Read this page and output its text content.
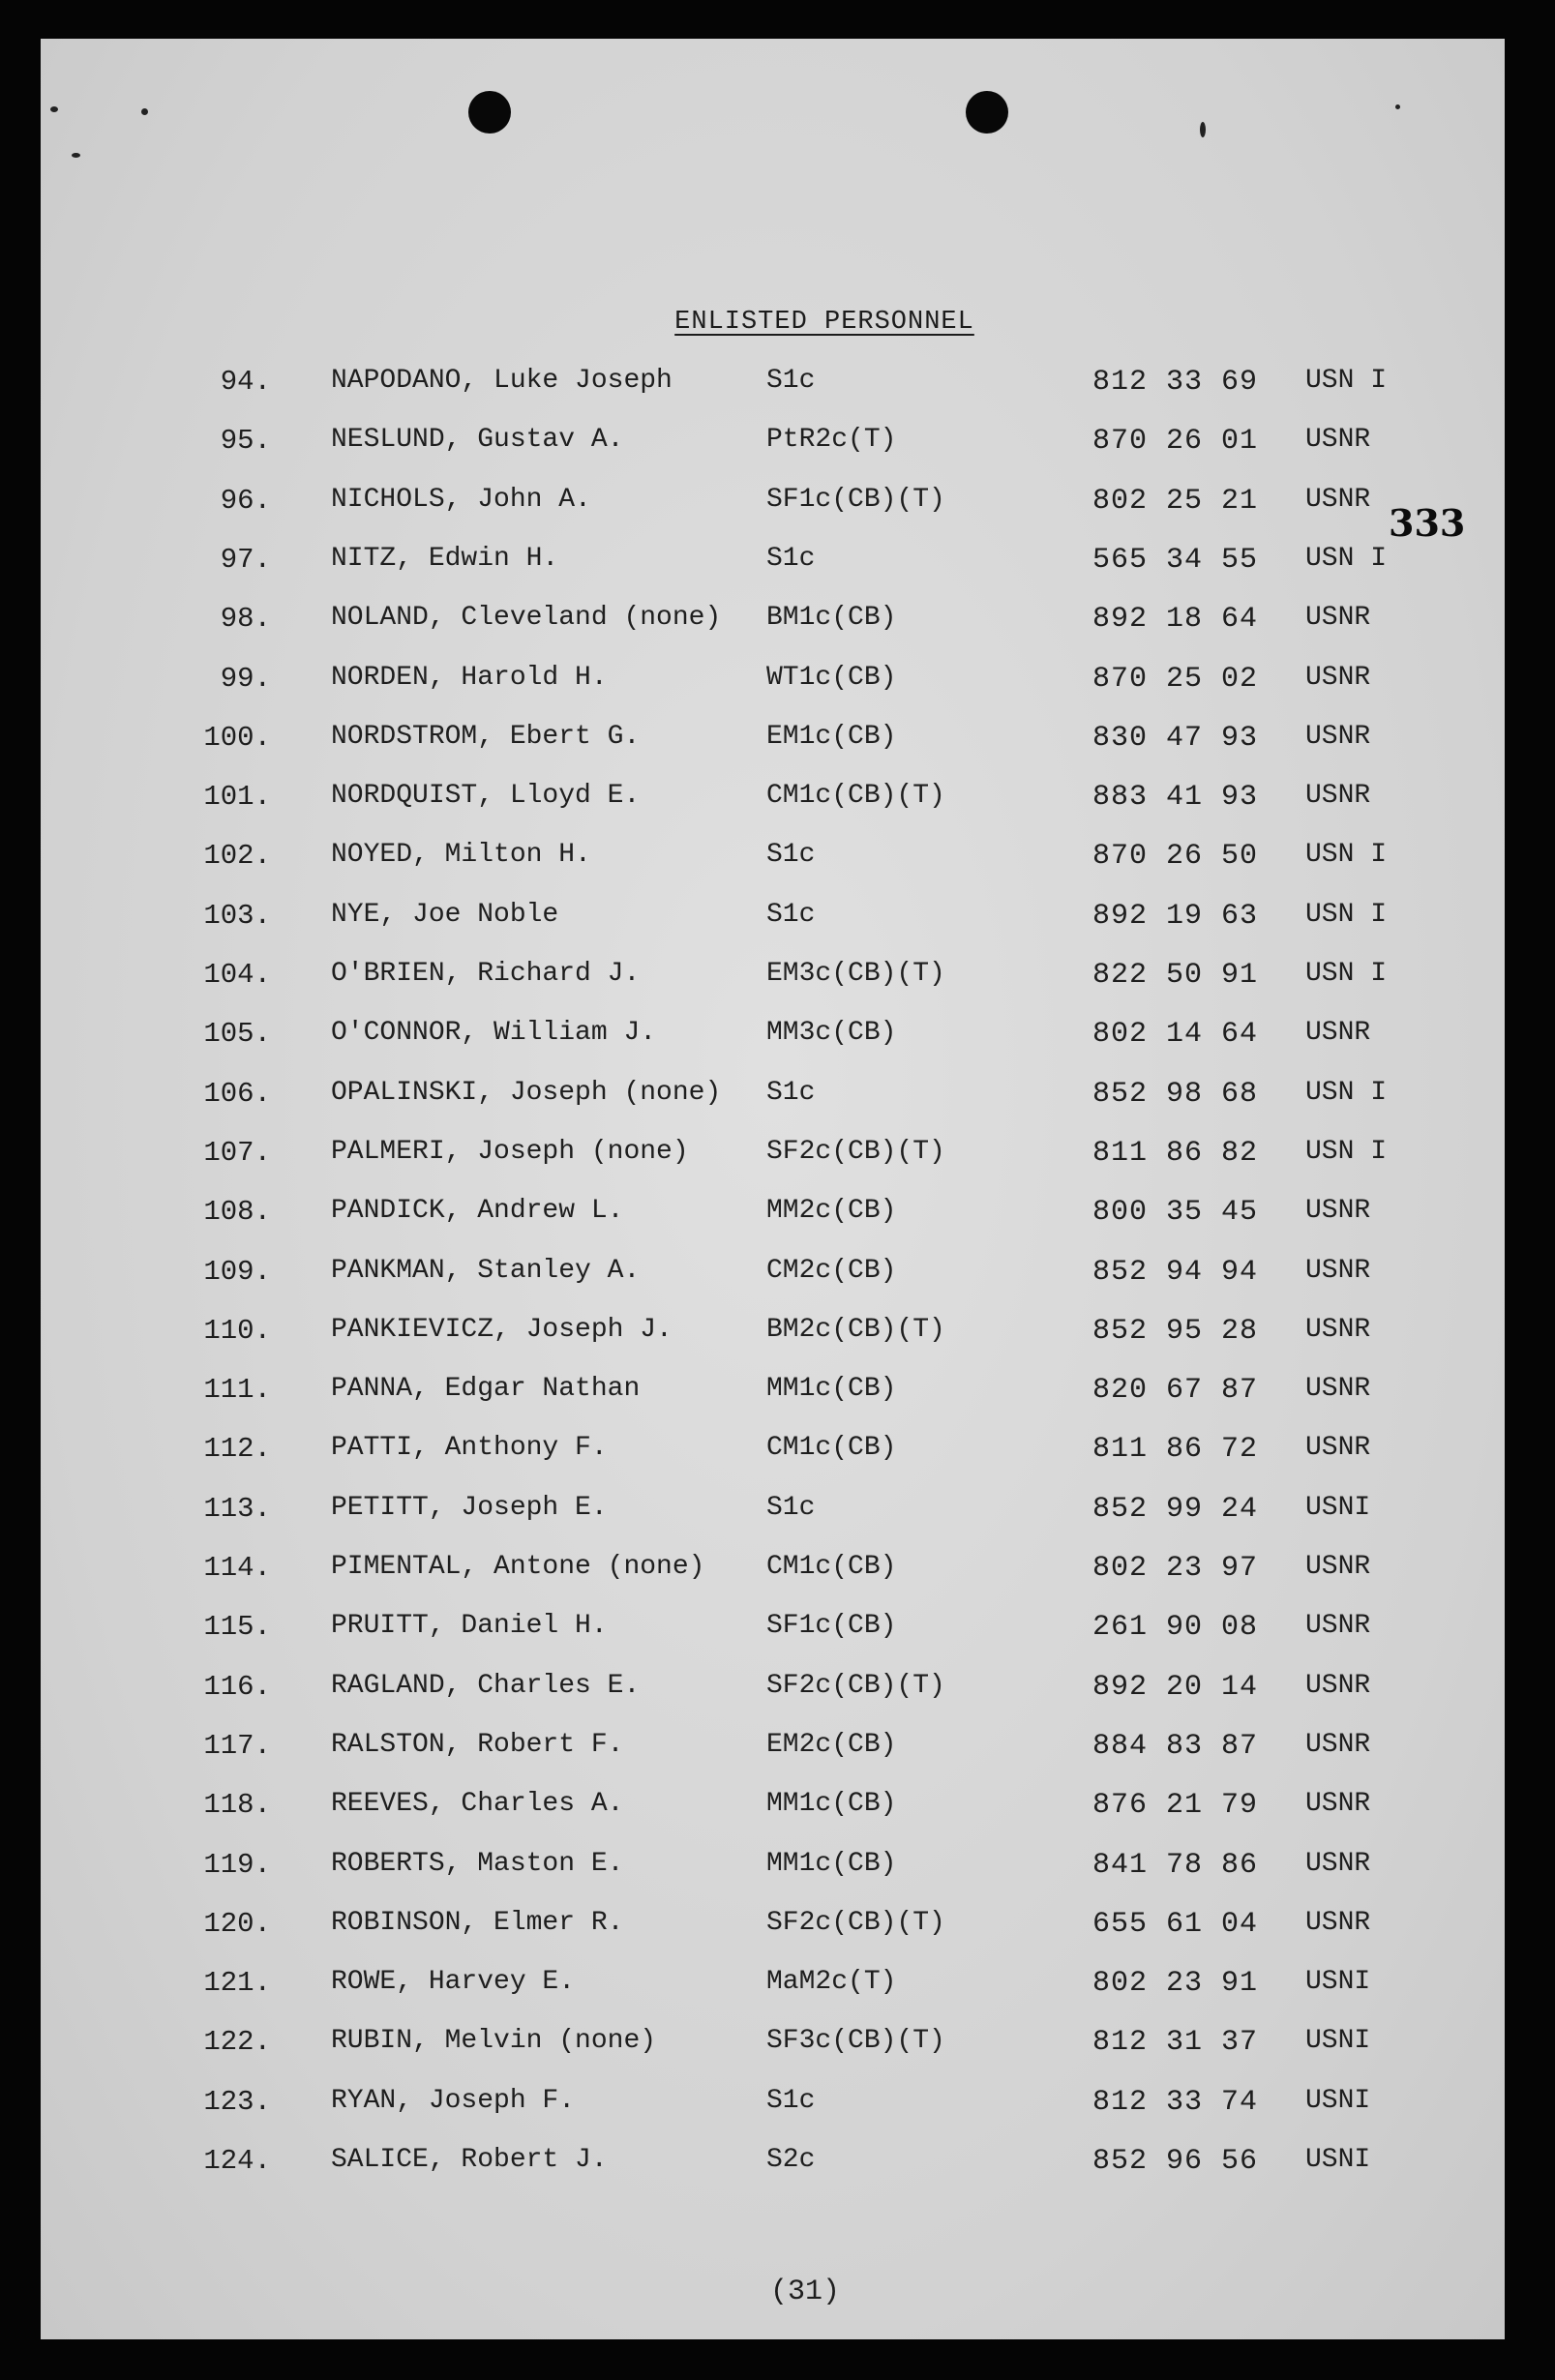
ENLISTED PERSONNEL
333
94. NAPODANO, Luke Joseph	S1c	812 33 69 USN I
95. NESLUND, Gustav A.	PtR2c(T)	870 26 01 USNR
96. NICHOLS, John A.	SF1c(CB)(T)	802 25 21 USNR
97. NITZ, Edwin H.	S1c	565 34 55 USN I
98. NOLAND, Cleveland (none) BM1c(CB)	892 18 64 USNR
99. NORDEN, Harold H.	WT1c(CB)	870 25 02 USNR
100. NORDSTROM, Ebert G.	EM1c(CB)	830 47 93 USNR
101. NORDQUIST, Lloyd E.	CM1c(CB)(T)	883 41 93 USNR
102. NOYED, Milton H.	S1c	870 26 50 USN I
103. NYE, Joe Noble	S1c	892 19 63 USN I
104. O'BRIEN, Richard J.	EM3c(CB)(T)	822 50 91 USN I
105. O'CONNOR, William J.	MM3c(CB)	802 14 64 USNR
106. OPALINSKI, Joseph (none) S1c	852 98 68 USN I
107. PALMERI, Joseph (none)	SF2c(CB)(T)	811 86 82 USN I
108. PANDICK, Andrew L.	MM2c(CB)	800 35 45 USNR
109. PANKMAN, Stanley A.	CM2c(CB)	852 94 94 USNR
110. PANKIEVICZ, Joseph J.	BM2c(CB)(T)	852 95 28 USNR
111. PANNA, Edgar Nathan	MM1c(CB)	820 67 87 USNR
112. PATTI, Anthony F.	CM1c(CB)	811 86 72 USNR
113. PETITT, Joseph E.	S1c	852 99 24 USNI
114. PIMENTAL, Antone (none) CM1c(CB)	802 23 97 USNR
115. PRUITT, Daniel H.	SF1c(CB)	261 90 08 USNR
116. RAGLAND, Charles E.	SF2c(CB)(T)	892 20 14 USNR
117. RALSTON, Robert F.	EM2c(CB)	884 83 87 USNR
118. REEVES, Charles A.	MM1c(CB)	876 21 79 USNR
119. ROBERTS, Maston E.	MM1c(CB)	841 78 86 USNR
120. ROBINSON, Elmer R.	SF2c(CB)(T)	655 61 04 USNR
121. ROWE, Harvey E.	MaM2c(T)	802 23 91 USNI
122. RUBIN, Melvin (none)	SF3c(CB)(T)	812 31 37 USNI
123. RYAN, Joseph F.	S1c	812 33 74 USNI
124. SALICE, Robert J.	S2c	852 96 56 USNI
(31)
